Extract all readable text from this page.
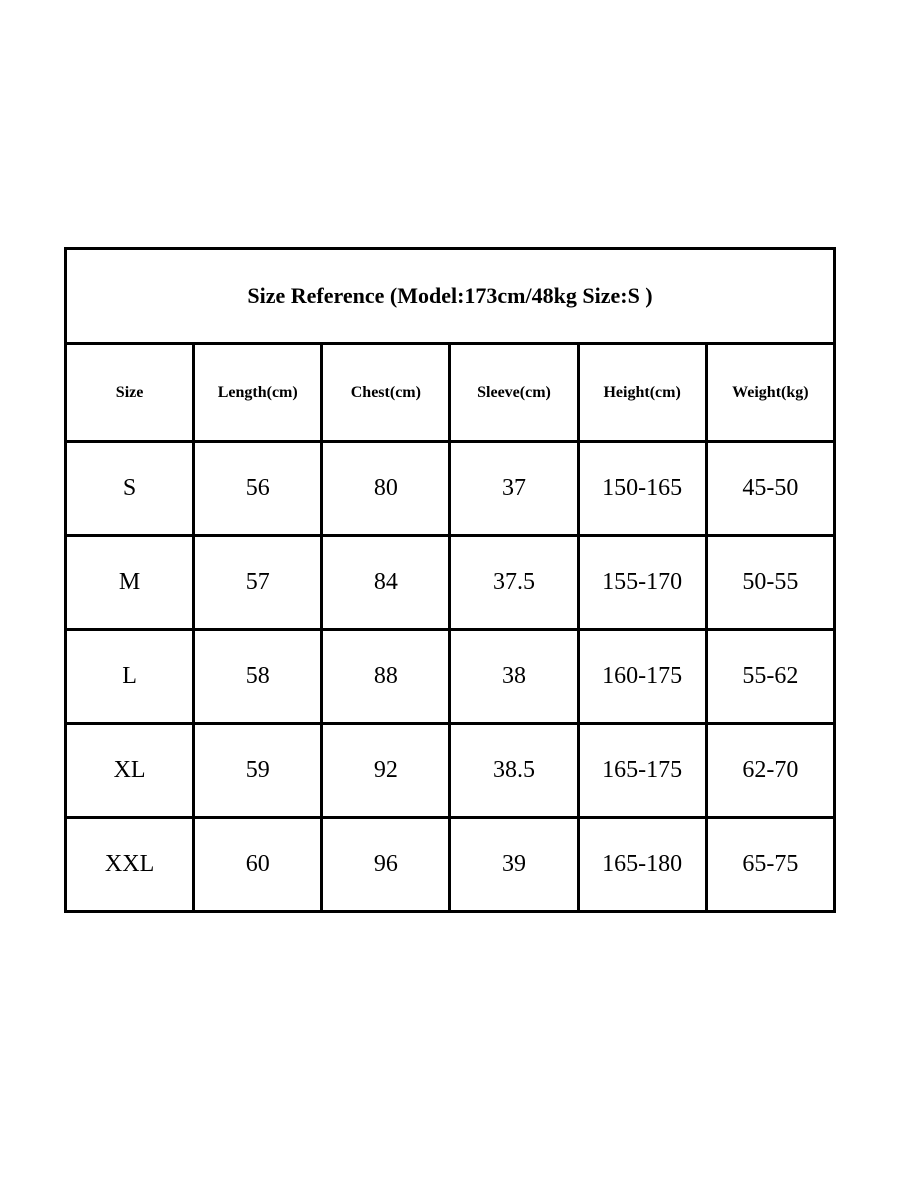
Size Reference (Model:173cm/48kg Size:S )					
Size	Length(cm)	Chest(cm)	Sleeve(cm)	Height(cm)	Weight(kg)
S	56	80	37	150-165	45-50
M	57	84	37.5	155-170	50-55
L	58	88	38	160-175	55-62
XL	59	92	38.5	165-175	62-70
XXL	60	96	39	165-180	65-75
